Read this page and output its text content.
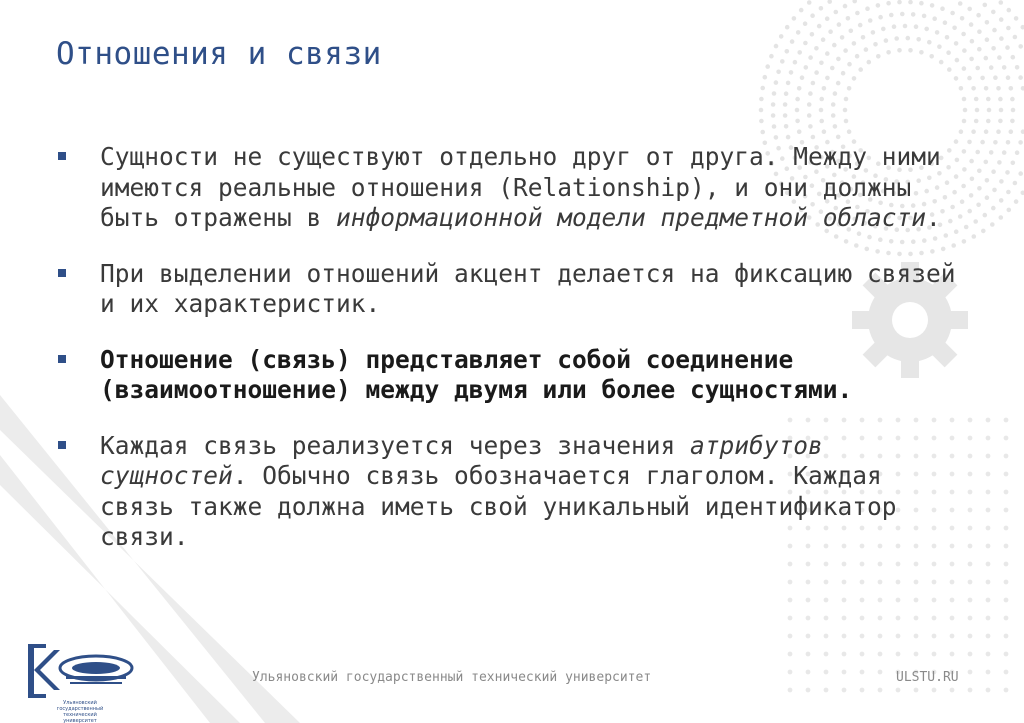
Отношения и связи
Сущности не существуют отдельно друг от друга. Между ними имеются реальные отношения (Relationship), и они должны быть отражены в информационной модели предметной области.
При выделении отношений акцент делается на фиксацию связей и их характеристик.
Отношение (связь) представляет собой соединение (взаимоотношение) между двумя или более сущностями.
Каждая связь реализуется через значения атрибутов сущностей. Обычно связь обозначается глаголом. Каждая связь также должна иметь свой уникальный идентификатор связи.
Ульяновский государственный технический университет
Ульяновский государственный технический университет	ULSTU.RU
